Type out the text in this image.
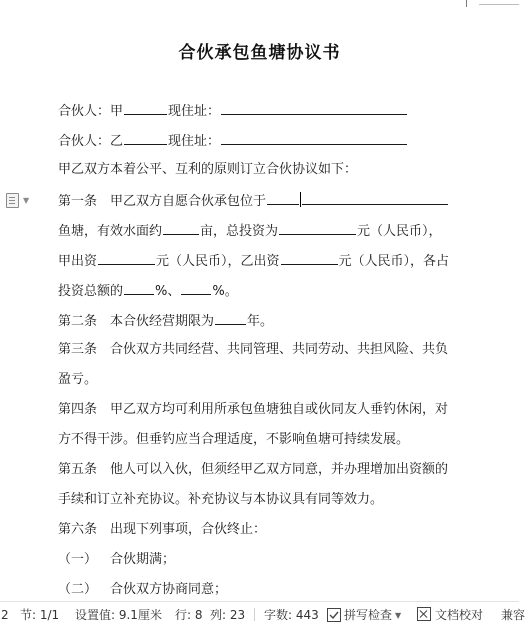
合伙承包鱼塘协议书
合伙人：甲	现住址：
合伙人：乙	现住址：
甲乙双方本着公平、互利的原则订立合伙协议如下：
▼ 第一条 甲乙双方自愿合伙承包位于
鱼塘，有效水面约	亩，总投资为	元（人民币），
甲出资	元（人民币），乙出资	元（人民币），各占
投资总额的 %、 %。
第二条 本合伙经营期限为	年。
第三条 合伙双方共同经营、共同管理、共同劳动、共担风险、共负
盈亏。
第四条 甲乙双方均可利用所承包鱼塘独自或伙同友人垂钓休闲，对
方不得干涉。但垂钓应当合理适度，不影响鱼塘可持续发展。
第五条 他人可以入伙，但须经甲乙双方同意，并办理增加出资额的
手续和订立补充协议。补充协议与本协议具有同等效力。
第六条 出现下列事项，合伙终止：
（一） 合伙期满；
（二） 合伙双方协商同意；
2 节: 1/1 设置值: 9.1厘米 行: 8 列: 23 字数: 443	拼写检查 ▼	文档校对 兼容
